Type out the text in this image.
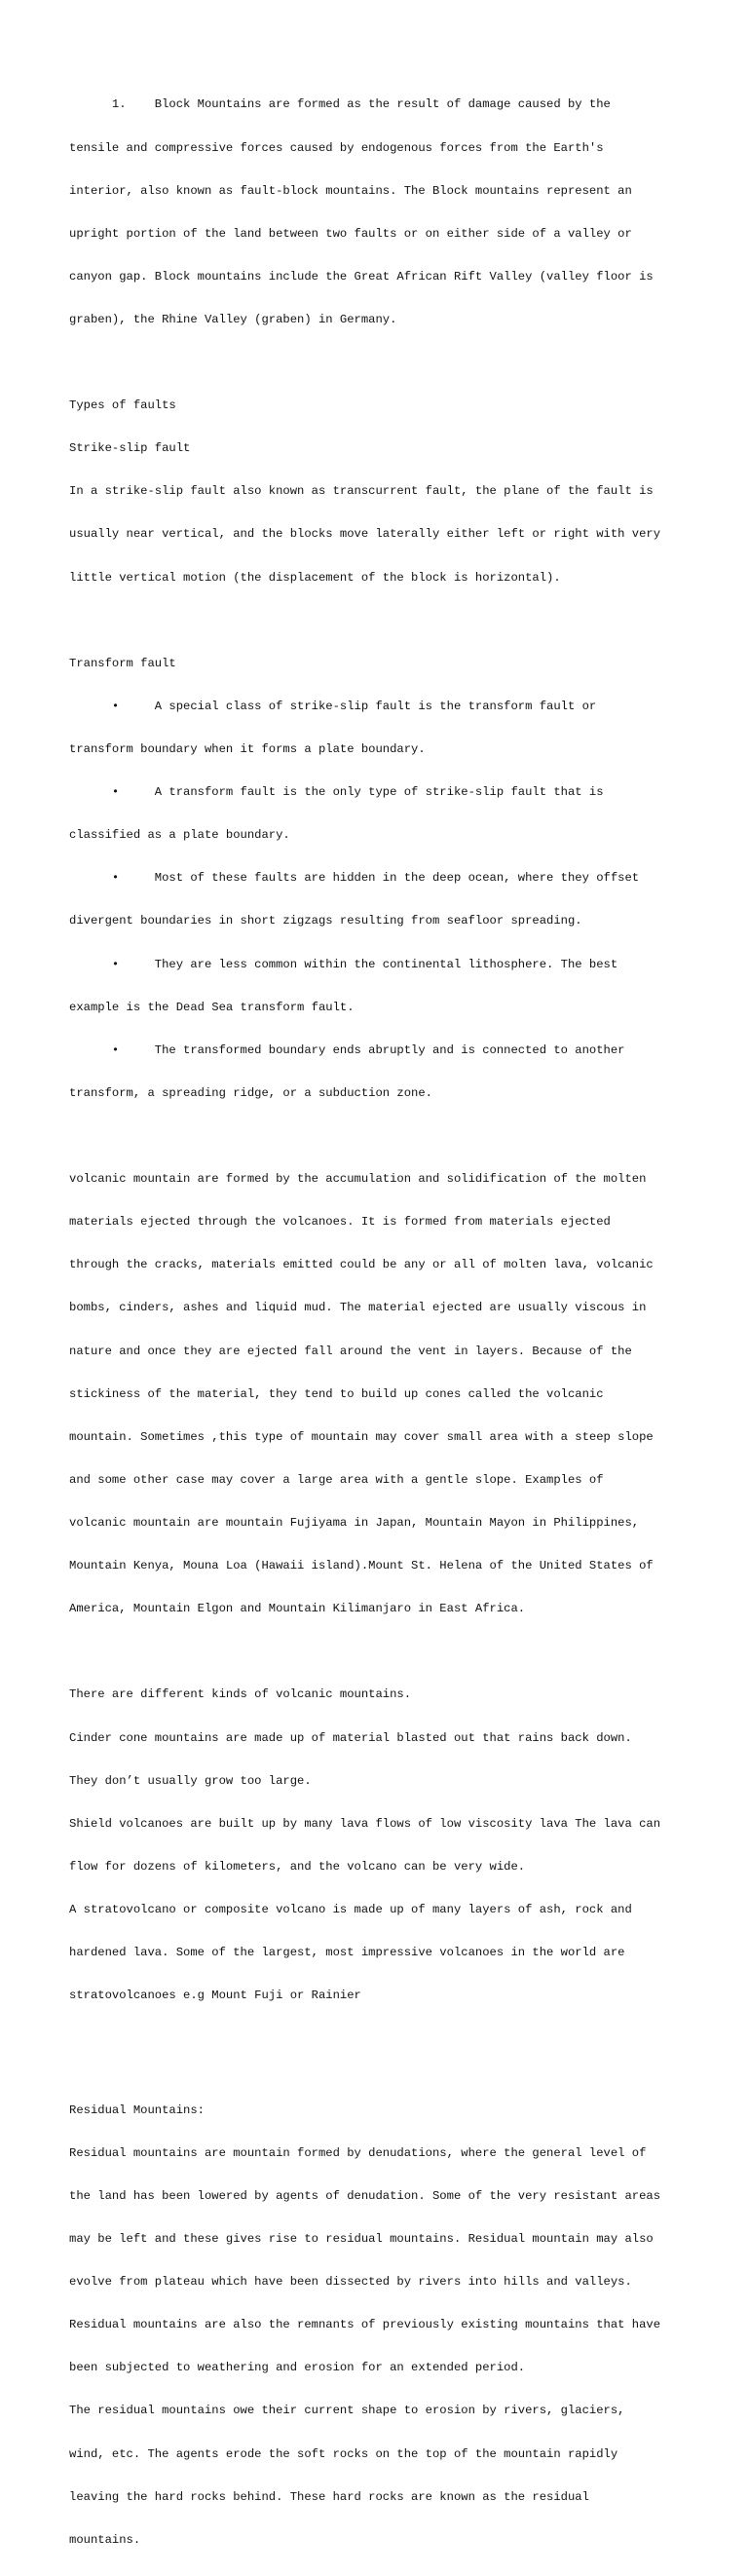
1.    Block Mountains are formed as the result of damage caused by the

tensile and compressive forces caused by endogenous forces from the Earth's

interior, also known as fault-block mountains. The Block mountains represent an

upright portion of the land between two faults or on either side of a valley or

canyon gap. Block mountains include the Great African Rift Valley (valley floor is

graben), the Rhine Valley (graben) in Germany.

Types of faults

Strike-slip fault

In a strike-slip fault also known as transcurrent fault, the plane of the fault is

usually near vertical, and the blocks move laterally either left or right with very

little vertical motion (the displacement of the block is horizontal).

Transform fault

•     A special class of strike-slip fault is the transform fault or

transform boundary when it forms a plate boundary.

•     A transform fault is the only type of strike-slip fault that is

classified as a plate boundary.

•     Most of these faults are hidden in the deep ocean, where they offset

divergent boundaries in short zigzags resulting from seafloor spreading.

•     They are less common within the continental lithosphere. The best

example is the Dead Sea transform fault.

•     The transformed boundary ends abruptly and is connected to another

transform, a spreading ridge, or a subduction zone.

volcanic mountain are formed by the accumulation and solidification of the molten

materials ejected through the volcanoes. It is formed from materials ejected

through the cracks, materials emitted could be any or all of molten lava, volcanic

bombs, cinders, ashes and liquid mud. The material ejected are usually viscous in

nature and once they are ejected fall around the vent in layers. Because of the

stickiness of the material, they tend to build up cones called the volcanic

mountain. Sometimes ,this type of mountain may cover small area with a steep slope

and some other case may cover a large area with a gentle slope. Examples of

volcanic mountain are mountain Fujiyama in Japan, Mountain Mayon in Philippines,

Mountain Kenya, Mouna Loa (Hawaii island).Mount St. Helena of the United States of

America, Mountain Elgon and Mountain Kilimanjaro in East Africa.

There are different kinds of volcanic mountains.

Cinder cone mountains are made up of material blasted out that rains back down.

They don’t usually grow too large.

Shield volcanoes are built up by many lava flows of low viscosity lava The lava can

flow for dozens of kilometers, and the volcano can be very wide.

A stratovolcano or composite volcano is made up of many layers of ash, rock and

hardened lava. Some of the largest, most impressive volcanoes in the world are

stratovolcanoes e.g Mount Fuji or Rainier

Residual Mountains:

Residual mountains are mountain formed by denudations, where the general level of

the land has been lowered by agents of denudation. Some of the very resistant areas

may be left and these gives rise to residual mountains. Residual mountain may also

evolve from plateau which have been dissected by rivers into hills and valleys.

Residual mountains are also the remnants of previously existing mountains that have

been subjected to weathering and erosion for an extended period.

The residual mountains owe their current shape to erosion by rivers, glaciers,

wind, etc. The agents erode the soft rocks on the top of the mountain rapidly

leaving the hard rocks behind. These hard rocks are known as the residual

mountains.
